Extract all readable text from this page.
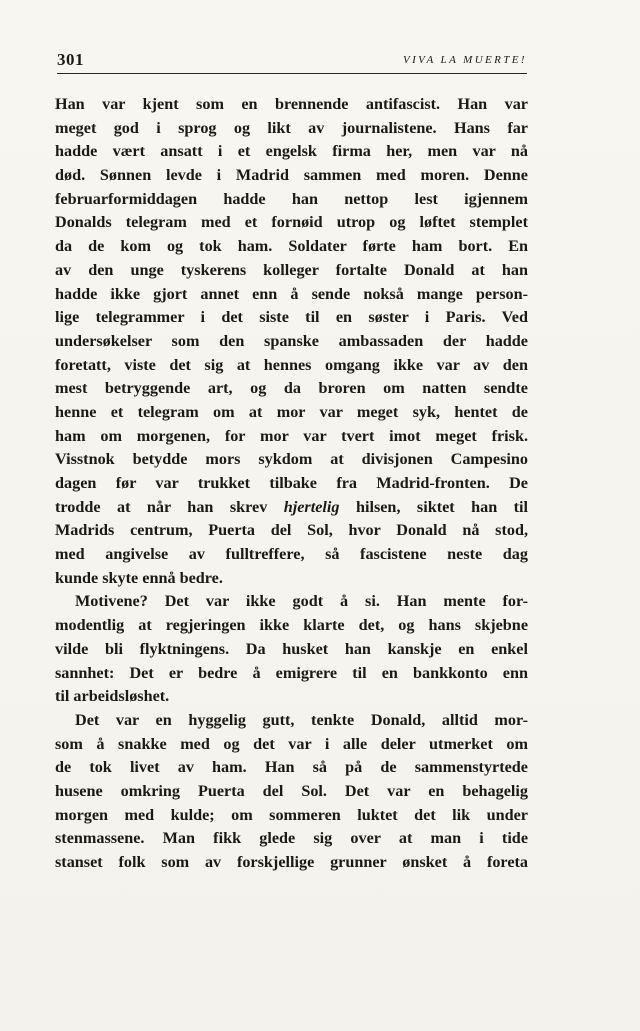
301	VIVA LA MUERTE!
Han var kjent som en brennende antifascist. Han var
meget god i sprog og likt av journalistene. Hans far
hadde vært ansatt i et engelsk firma her, men var nå
død. Sønnen levde i Madrid sammen med moren. Denne
februarformiddagen hadde han nettop lest igjennem
Donalds telegram med et fornøid utrop og løftet stemplet
da de kom og tok ham. Soldater førte ham bort. En
av den unge tyskerens kolleger fortalte Donald at han
hadde ikke gjort annet enn å sende nokså mange person-
lige telegrammer i det siste til en søster i Paris. Ved
undersøkelser som den spanske ambassaden der hadde
foretatt, viste det sig at hennes omgang ikke var av den
mest betryggende art, og da broren om natten sendte
henne et telegram om at mor var meget syk, hentet de
ham om morgenen, for mor var tvert imot meget frisk.
Visstnok betydde mors sykdom at divisjonen Campesino
dagen før var trukket tilbake fra Madrid-fronten. De
trodde at når han skrev hjertelig hilsen, siktet han til
Madrids centrum, Puerta del Sol, hvor Donald nå stod,
med angivelse av fulltreffere, så fascistene neste dag
kunde skyte ennå bedre.
Motivene? Det var ikke godt å si. Han mente for-
modentlig at regjeringen ikke klarte det, og hans skjebne
vilde bli flyktningens. Da husket han kanskje en enkel
sannhet: Det er bedre å emigrere til en bankkonto enn
til arbeidsløshet.
Det var en hyggelig gutt, tenkte Donald, alltid mor-
som å snakke med og det var i alle deler utmerket om
de tok livet av ham. Han så på de sammenstyrtede
husene omkring Puerta del Sol. Det var en behagelig
morgen med kulde; om sommeren luktet det lik under
stenmassene. Man fikk glede sig over at man i tide
stanset folk som av forskjellige grunner ønsket å foreta
